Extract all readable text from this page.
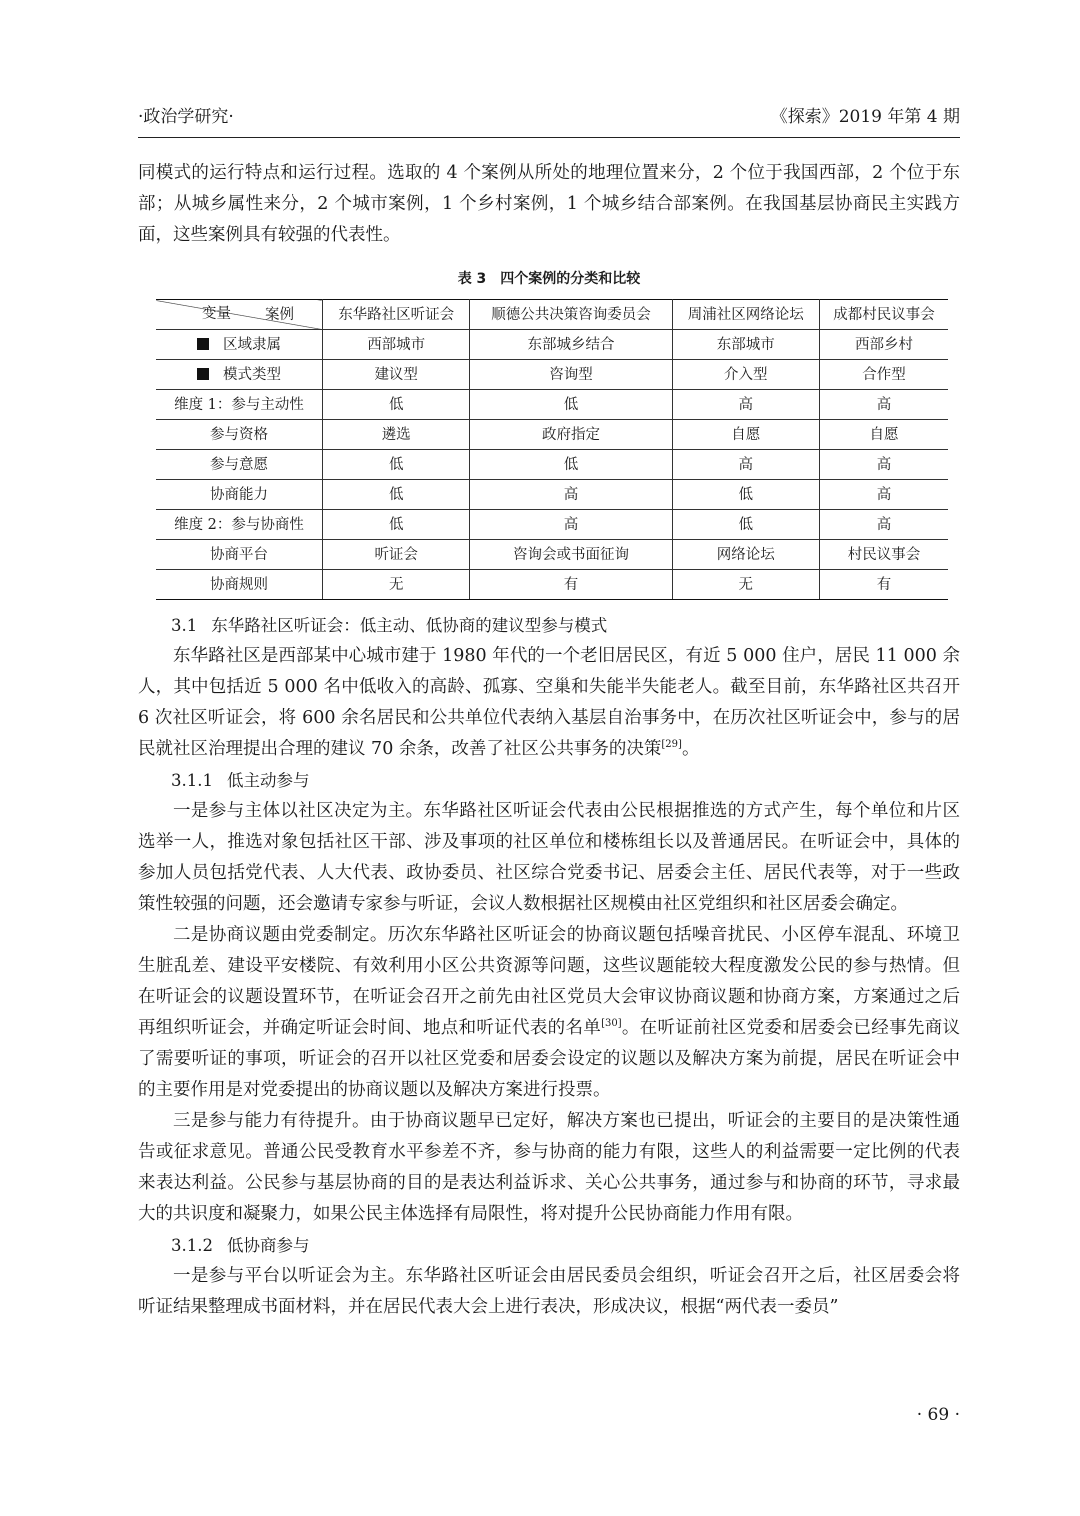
·政治学研究·	《探索》2019 年第 4 期

同模式的运行特点和运行过程。选取的 4 个案例从所处的地理位置来分，2 个位于我国西部，2 个位于东部；从城乡属性来分，2 个城市案例，1 个乡村案例，1 个城乡结合部案例。在我国基层协商民主实践方面，这些案例具有较强的代表性。

表 3　四个案例的分类和比较
案例
变量	东华路社区听证会	顺德公共决策咨询委员会	周浦社区网络论坛	成都村民议事会
区域隶属	西部城市	东部城乡结合	东部城市	西部乡村
模式类型	建议型	咨询型	介入型	合作型
维度 1：参与主动性	低	低	高	高
参与资格	遴选	政府指定	自愿	自愿
参与意愿	低	低	高	高
协商能力	低	高	低	高
维度 2：参与协商性	低	高	低	高
协商平台	听证会	咨询会或书面征询	网络论坛	村民议事会
协商规则	无	有	无	有

3.1 东华路社区听证会：低主动、低协商的建议型参与模式

东华路社区是西部某中心城市建于 1980 年代的一个老旧居民区，有近 5 000 住户，居民 11 000 余人，其中包括近 5 000 名中低收入的高龄、孤寡、空巢和失能半失能老人。截至目前，东华路社区共召开 6 次社区听证会，将 600 余名居民和公共单位代表纳入基层自治事务中，在历次社区听证会中，参与的居民就社区治理提出合理的建议 70 余条，改善了社区公共事务的决策[29]。

3.1.1 低主动参与

一是参与主体以社区决定为主。东华路社区听证会代表由公民根据推选的方式产生，每个单位和片区选举一人，推选对象包括社区干部、涉及事项的社区单位和楼栋组长以及普通居民。在听证会中，具体的参加人员包括党代表、人大代表、政协委员、社区综合党委书记、居委会主任、居民代表等，对于一些政策性较强的问题，还会邀请专家参与听证，会议人数根据社区规模由社区党组织和社区居委会确定。

二是协商议题由党委制定。历次东华路社区听证会的协商议题包括噪音扰民、小区停车混乱、环境卫生脏乱差、建设平安楼院、有效利用小区公共资源等问题，这些议题能较大程度激发公民的参与热情。但在听证会的议题设置环节，在听证会召开之前先由社区党员大会审议协商议题和协商方案，方案通过之后再组织听证会，并确定听证会时间、地点和听证代表的名单[30]。在听证前社区党委和居委会已经事先商议了需要听证的事项，听证会的召开以社区党委和居委会设定的议题以及解决方案为前提，居民在听证会中的主要作用是对党委提出的协商议题以及解决方案进行投票。

三是参与能力有待提升。由于协商议题早已定好，解决方案也已提出，听证会的主要目的是决策性通告或征求意见。普通公民受教育水平参差不齐，参与协商的能力有限，这些人的利益需要一定比例的代表来表达利益。公民参与基层协商的目的是表达利益诉求、关心公共事务，通过参与和协商的环节，寻求最大的共识度和凝聚力，如果公民主体选择有局限性，将对提升公民协商能力作用有限。

3.1.2 低协商参与

一是参与平台以听证会为主。东华路社区听证会由居民委员会组织，听证会召开之后，社区居委会将听证结果整理成书面材料，并在居民代表大会上进行表决，形成决议，根据“两代表一委员”

· 69 ·
